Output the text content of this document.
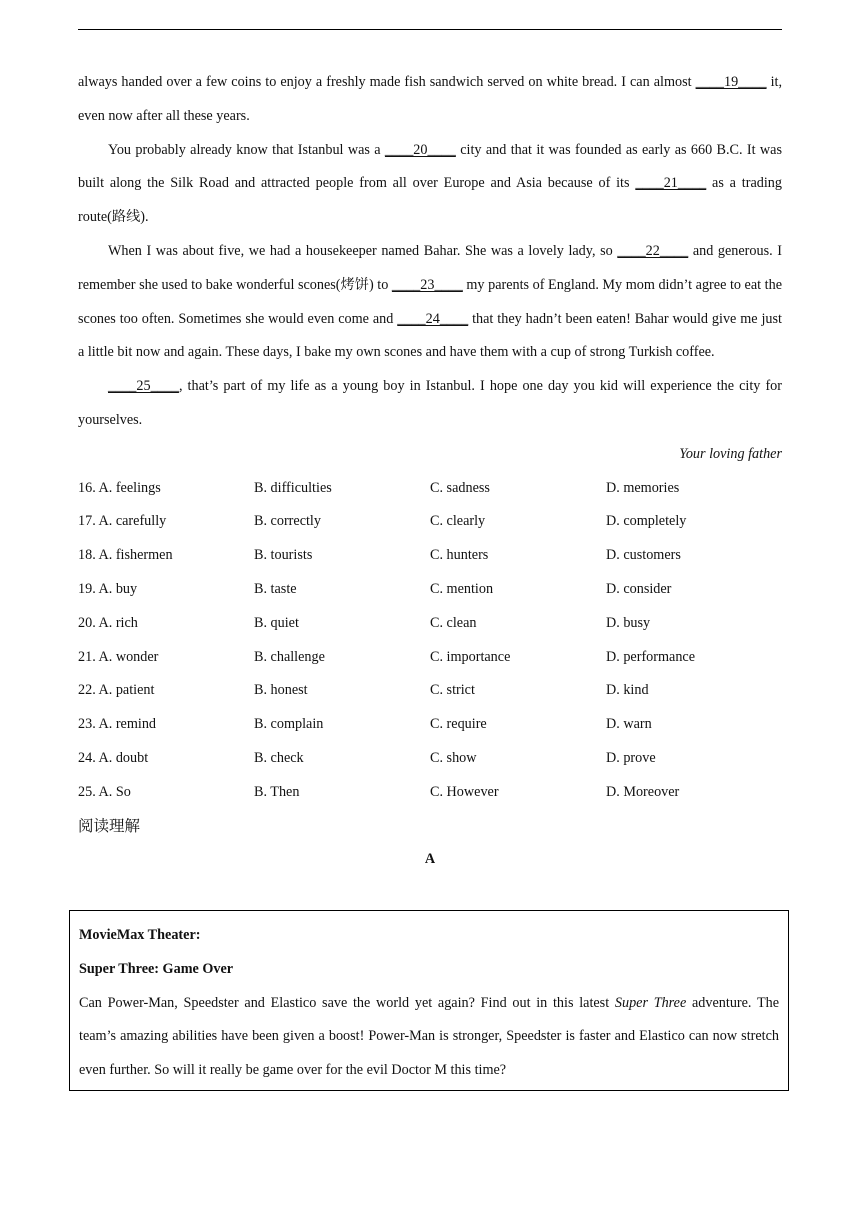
always handed over a few coins to enjoy a freshly made fish sandwich served on white bread. I can almost ____19____ it, even now after all these years.

You probably already know that Istanbul was a ____20____ city and that it was founded as early as 660 B.C. It was built along the Silk Road and attracted people from all over Europe and Asia because of its ____21____ as a trading route(路线).

When I was about five, we had a housekeeper named Bahar. She was a lovely lady, so ____22____ and generous. I remember she used to bake wonderful scones(烤饼) to ____23____ my parents of England. My mom didn’t agree to eat the scones too often. Sometimes she would even come and ____24____ that they hadn’t been eaten! Bahar would give me just a little bit now and again. These days, I bake my own scones and have them with a cup of strong Turkish coffee.

____25____, that’s part of my life as a young boy in Istanbul. I hope one day you kid will experience the city for yourselves.

Your loving father

16. A. feelings	B. difficulties	C. sadness	D. memories
17. A. carefully	B. correctly	C. clearly	D. completely
18. A. fishermen	B. tourists	C. hunters	D. customers
19. A. buy	B. taste	C. mention	D. consider
20. A. rich	B. quiet	C. clean	D. busy
21. A. wonder	B. challenge	C. importance	D. performance
22. A. patient	B. honest	C. strict	D. kind
23. A. remind	B. complain	C. require	D. warn
24. A. doubt	B. check	C. show	D. prove
25. A. So	B. Then	C. However	D. Moreover

阅读理解

A

MovieMax Theater:

Super Three: Game Over

Can Power-Man, Speedster and Elastico save the world yet again? Find out in this latest Super Three adventure. The team’s amazing abilities have been given a boost! Power-Man is stronger, Speedster is faster and Elastico can now stretch even further. So will it really be game over for the evil Doctor M this time?
